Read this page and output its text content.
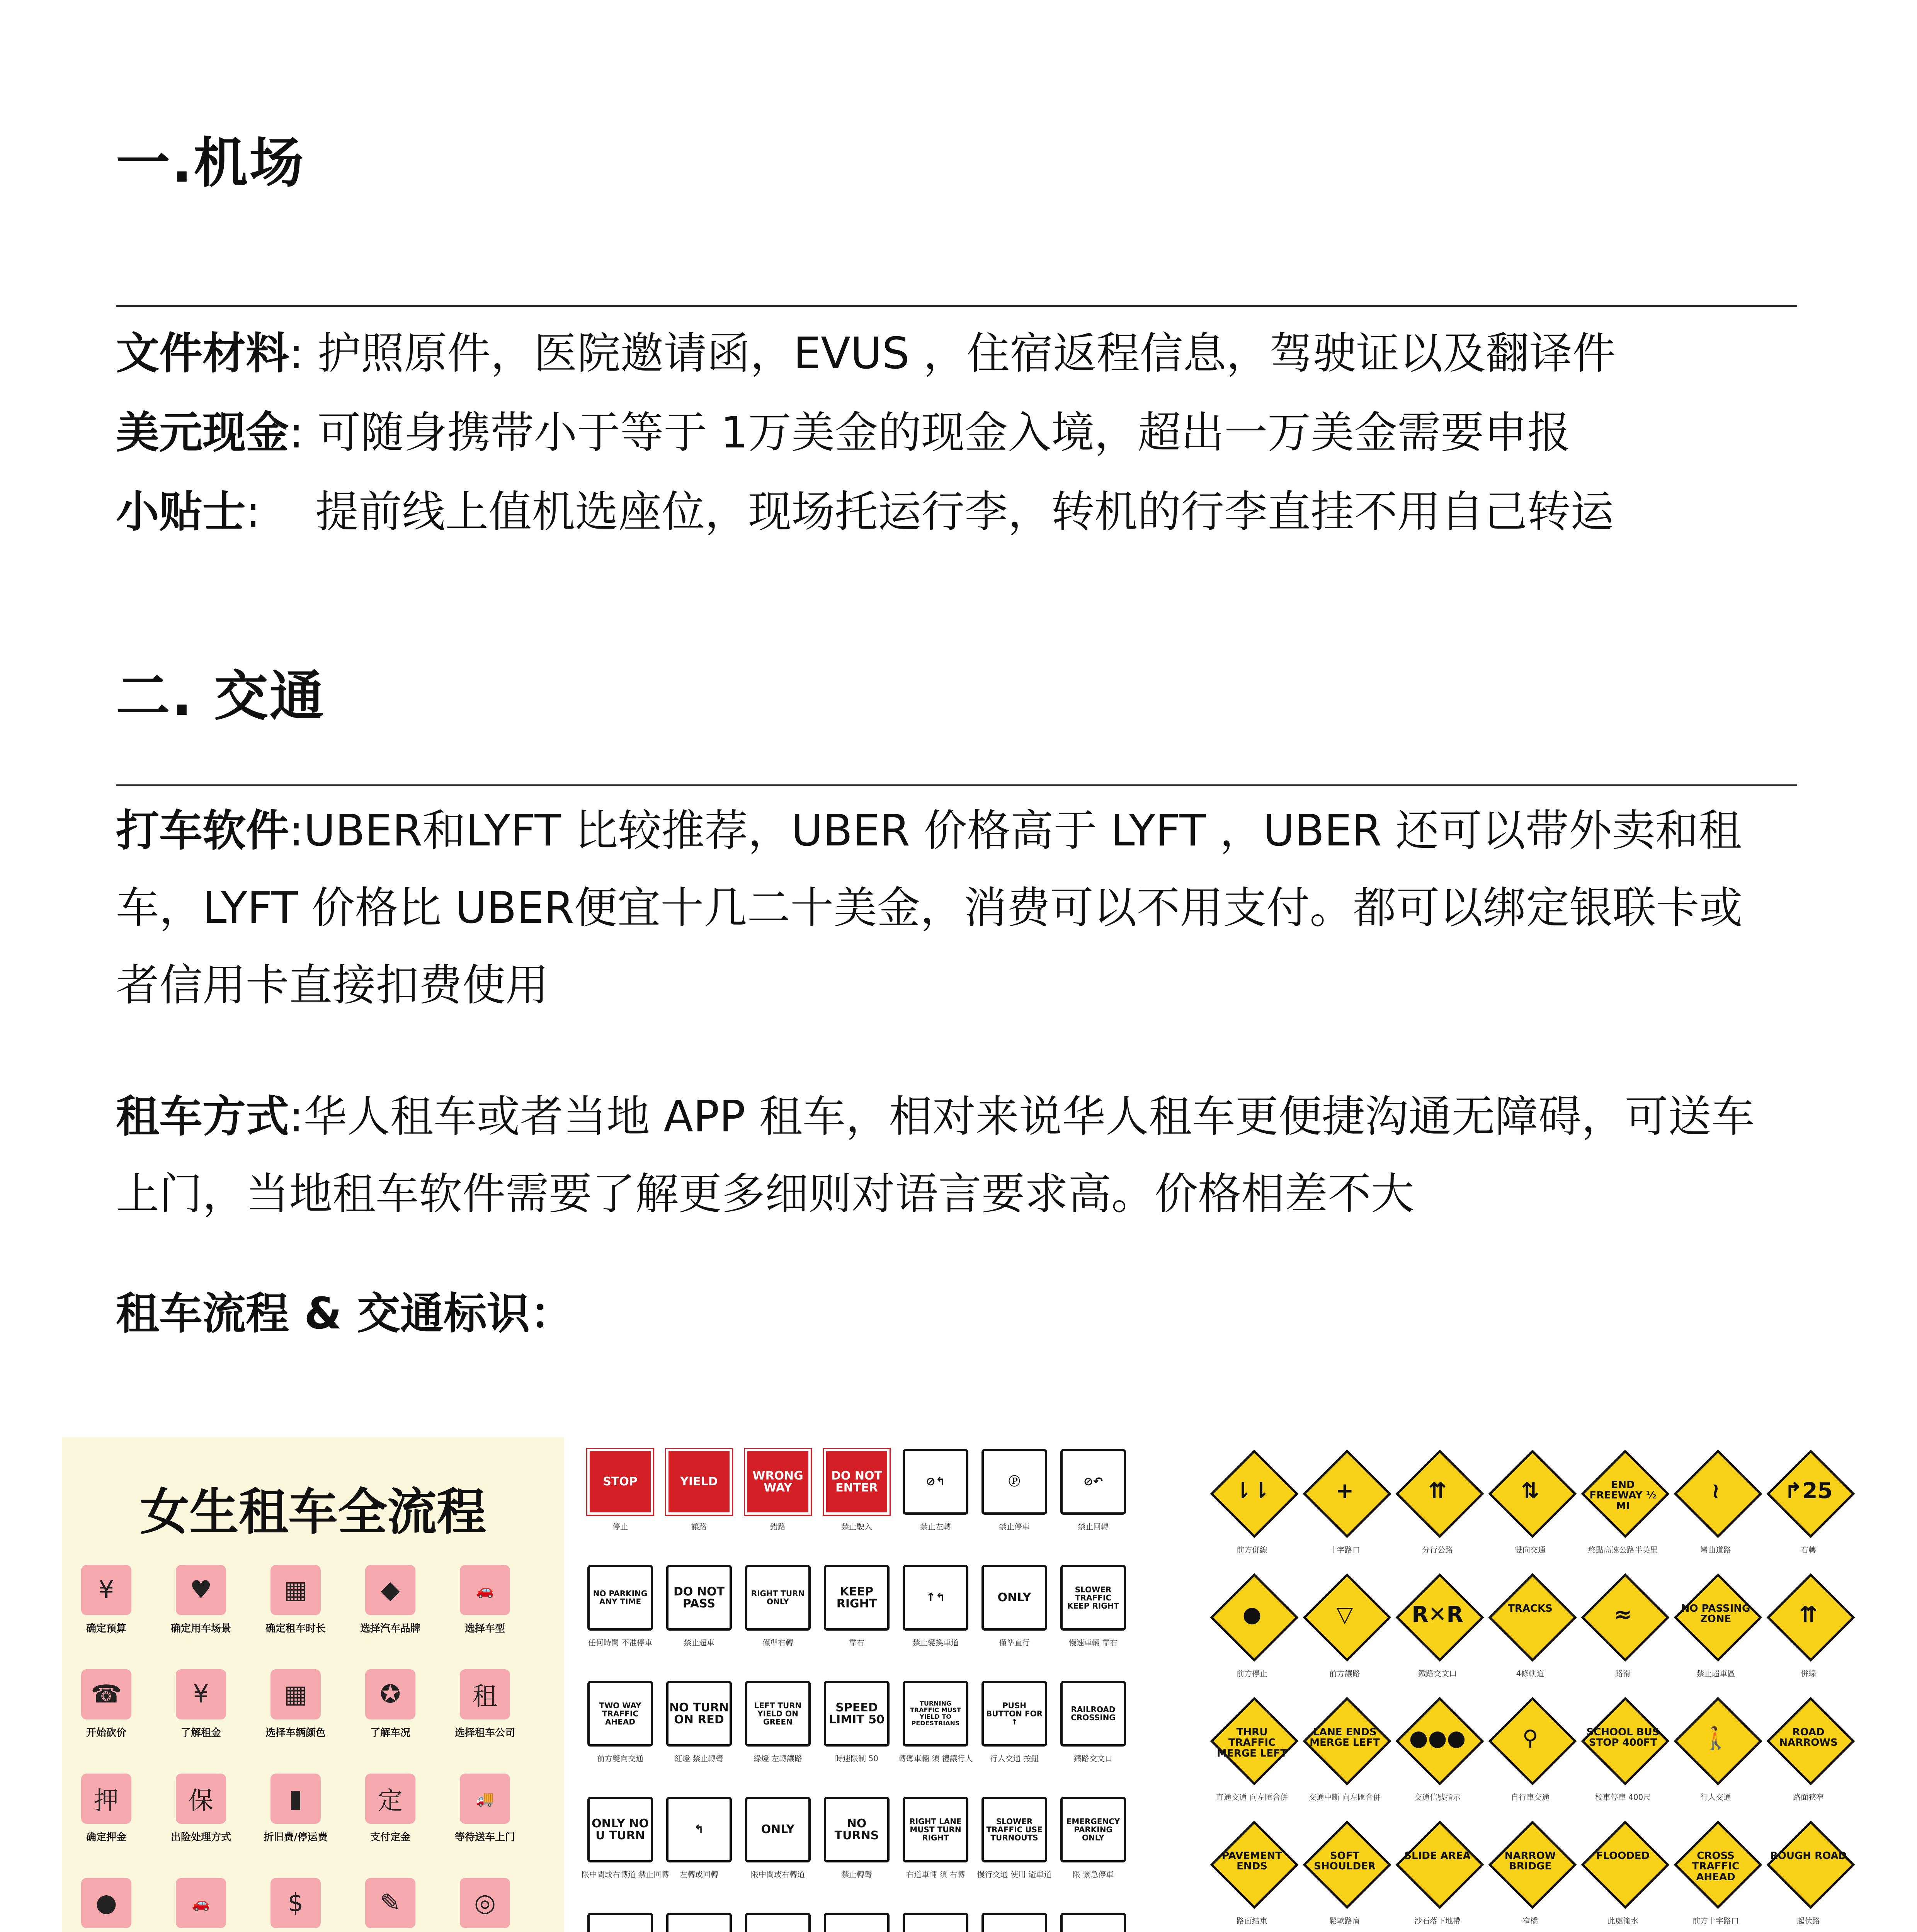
一.机场
文件材料: 护照原件，医院邀请函，EVUS ，住宿返程信息，驾驶证以及翻译件
美元现金: 可随身携带小于等于 1万美金的现金入境，超出一万美金需要申报
小贴士: 提前线上值机选座位，现场托运行李，转机的行李直挂不用自己转运
二. 交通
打车软件:UBER和LYFT 比较推荐，UBER 价格高于 LYFT ，UBER 还可以带外卖和租车，LYFT 价格比 UBER便宜十几二十美金，消费可以不用支付。都可以绑定银联卡或者信用卡直接扣费使用
租车方式:华人租车或者当地 APP 租车，相对来说华人租车更便捷沟通无障碍，可送车上门，当地租车软件需要了解更多细则对语言要求高。价格相差不大
租车流程 & 交通标识：
女生租车全流程
¥
确定预算
♥
确定用车场景
▦
确定租车时长
◆
选择汽车品牌
🚗
选择车型
租
选择租车公司
✪
了解车况
▦
选择车辆颜色
¥
了解租金
☎
开始砍价
押
确定押金
保
出险处理方式
▮
折旧费/停运费
定
支付定金
🚚
等待送车上门
◎
✎
$
🚗
●
STOP
停止
YIELD
讓路
WRONG WAY
錯路
DO NOT ENTER
禁止駛入
⊘↰
禁止左轉
Ⓟ
禁止停車
⊘↶
禁止回轉
NO PARKING ANY TIME
任何時間 不准停車
DO NOT PASS
禁止超車
RIGHT TURN ONLY
僅準右轉
KEEP RIGHT
靠右
↑↰
禁止變換車道
ONLY
僅準直行
SLOWER TRAFFIC KEEP RIGHT
慢速車輛 靠右
TWO WAY TRAFFIC AHEAD
前方雙向交通
NO TURN ON RED
紅燈 禁止轉彎
LEFT TURN YIELD ON GREEN
綠燈 左轉讓路
SPEED LIMIT 50
時速限制 50
TURNING TRAFFIC MUST YIELD TO PEDESTRIANS
轉彎車輛 須 禮讓行人
PUSH BUTTON FOR ↑
行人交通 按鈕
RAILROAD CROSSING
鐵路交文口
ONLY NO U TURN
限中間或右轉道 禁止回轉
↰
左轉或回轉
ONLY
限中間或右轉道
NO TURNS
禁止轉彎
RIGHT LANE MUST TURN RIGHT
右道車輛 須 右轉
SLOWER TRAFFIC USE TURNOUTS
慢行交通 使用 避車道
EMERGENCY PARKING ONLY
限 緊急停車
⇂⇂
前方併線
+
十字路口
⇈
分行公路
⇅
雙向交通
END FREEWAY ½ MI
終點高速公路半英里
≀
彎曲道路
↱25
右轉
●
前方停止
▽
前方讓路
R✕R
鐵路交文口
TRACKS
4條軌道
≈
路滑
NO PASSING ZONE
禁止超車區
⇈
併線
THRU TRAFFIC MERGE LEFT
直通交通 向左匯合併
LANE ENDS MERGE LEFT
交通中斷 向左匯合併
●●●
交通信號指示
⚲
自行車交通
SCHOOL BUS STOP 400FT
校車停車 400尺
🚶
行人交通
ROAD NARROWS
路面狹窄
PAVEMENT ENDS
路面結束
SOFT SHOULDER
鬆軟路肩
SLIDE AREA
沙石落下地帶
NARROW BRIDGE
窄橋
FLOODED
此處淹水
CROSS TRAFFIC AHEAD
前方十字路口
ROUGH ROAD
起伏路
